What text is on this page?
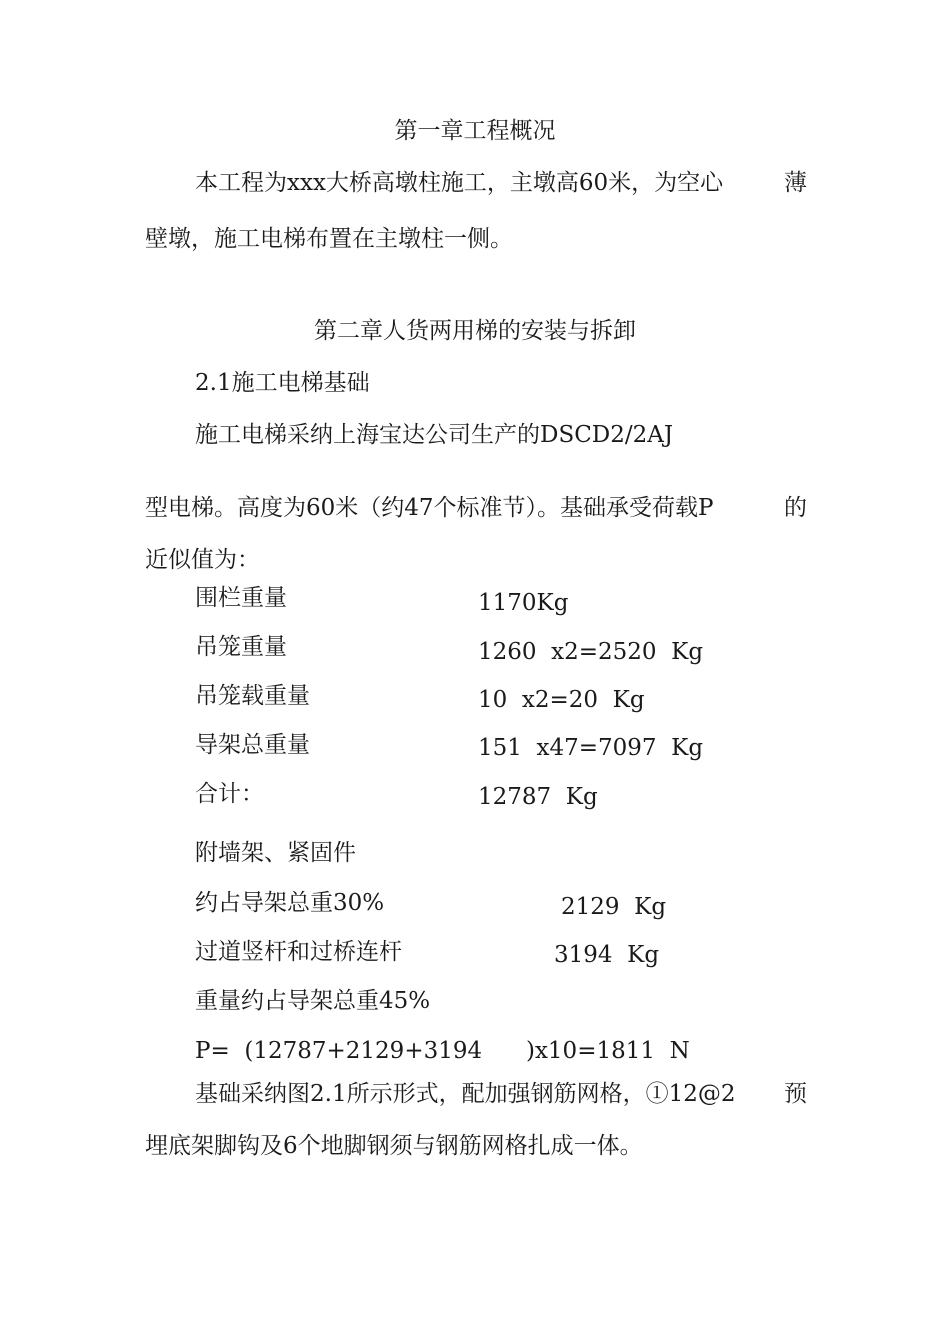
第一章工程概况
本工程为xxx大桥高墩柱施工，主墩高60米，为空心	薄
壁墩，施工电梯布置在主墩柱一侧。
第二章人货两用梯的安装与拆卸
2.1施工电梯基础
施工电梯采纳上海宝达公司生产的DSCD2/2AJ
型电梯。高度为60米（约47个标准节）。基础承受荷载P	的
近似值为：
围栏重量	1170Kg
吊笼重量	1260  x2=2520  Kg
吊笼载重量	10  x2=20  Kg
导架总重量	151  x47=7097  Kg
合计：	12787  Kg
附墙架、紧固件
约占导架总重30%	2129  Kg
过道竖杆和过桥连杆	3194  Kg
重量约占导架总重45%
P=  (12787+2129+3194      )x10=1811  N
基础采纳图2.1所示形式，配加强钢筋网格，①12@2 预
埋底架脚钩及6个地脚钢须与钢筋网格扎成一体。
